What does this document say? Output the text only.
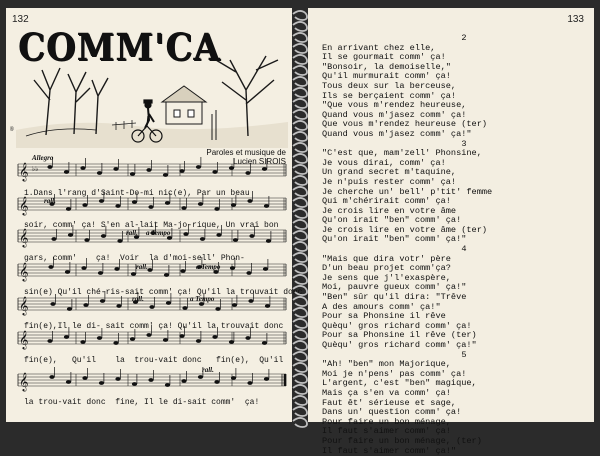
132
COMM'CA
®
Paroles et musique de
Lucien SIROIS
𝄞 ♭♭
𝄞
𝄞
𝄞
𝄞
𝄞
𝄞
Allegro
rall.
rall. a Tempo
rall.	a Tempo
rall.	a Tempo
rall.
1.Dans l'rang d'Saint-Do-mi nic(e), Par un beau
soir, comm' ça! S'en al-lait Ma-jo-rique, Un vrai bon
gars, comm'    ça!  Voir  la d'moi-sell' Phon-
sin(e) Qu'il ché-ris-sait comm' ça! Qu'il la trouvait donc
fin(e),Il le di- sait comm' ça! Qu'il la trouvait donc
fin(e),   Qu'il    la  trou-vait donc   fin(e),  Qu'il
la trou-vait donc  fine, Il le di-sait comm'  ça!
133
2
En arrivant chez elle,
Il se gourmait comm' ça!
"Bonsoir, la demoiselle,"
Qu'il murmurait comm' ça!
Tous deux sur la berceuse,
Ils se berçaient comm' ça!
"Que vous m'rendez heureuse,
Quand vous m'jasez comm' ça!
Que vous m'rendez heureuse (ter)
Quand vous m'jasez comm' ça!"
3
"C'est que, mam'zell' Phonsine,
Je vous dirai, comm' ça!
Un grand secret m'taquine,
Je n'puis rester comm' ça!
Je cherche un' bell' p'tit' femme
Qui m'chérirait comm' ça!
Je crois lire en votre âme
Qu'on irait "ben" comm' ça!
Je crois lire en votre âme (ter)
Qu'on irait "ben" comm' ça!"
4
"Mais que dira votr' père
D'un beau projet comm'ça?
Je sens que j'l'exaspère,
Moi, pauvre gueux comm' ça!"
"Ben" sûr qu'il dira: "Trêve
A des amours comm' ça!"
Pour sa Phonsine il rêve
Quèqu' gros richard comm' ça!
Pour sa Phonsine il rêve (ter)
Quèqu' gros richard comm' ça!"
5
"Ah! "ben" mon Majorique,
Moi je n'pens' pas comm' ça!
L'argent, c'est "ben" magique,
Mais ça s'en va comm' ça!
Faut êt' sérieuse et sage,
Dans un' question comm' ça!
Pour faire un bon ménage,
Il faut s'aimer comm' ça!
Pour faire un bon ménage, (ter)
Il faut s'aimer comm' ça!"
